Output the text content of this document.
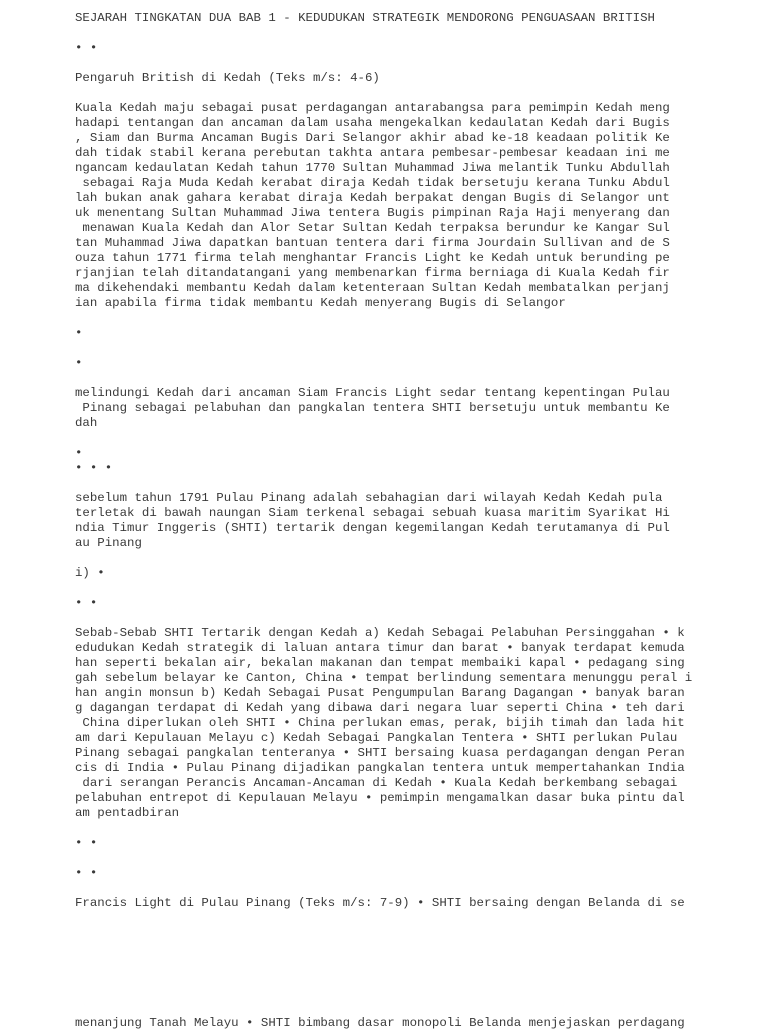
SEJARAH TINGKATAN DUA BAB 1 - KEDUDUKAN STRATEGIK MENDORONG PENGUASAAN BRITISH
• •
Pengaruh British di Kedah (Teks m/s: 4-6)
Kuala Kedah maju sebagai pusat perdagangan antarabangsa para pemimpin Kedah meng
hadapi tentangan dan ancaman dalam usaha mengekalkan kedaulatan Kedah dari Bugis
, Siam dan Burma Ancaman Bugis Dari Selangor akhir abad ke-18 keadaan politik Ke
dah tidak stabil kerana perebutan takhta antara pembesar-pembesar keadaan ini me
ngancam kedaulatan Kedah tahun 1770 Sultan Muhammad Jiwa melantik Tunku Abdullah
sebagai Raja Muda Kedah kerabat diraja Kedah tidak bersetuju kerana Tunku Abdul
lah bukan anak gahara kerabat diraja Kedah berpakat dengan Bugis di Selangor unt
uk menentang Sultan Muhammad Jiwa tentera Bugis pimpinan Raja Haji menyerang dan
menawan Kuala Kedah dan Alor Setar Sultan Kedah terpaksa berundur ke Kangar Sul
tan Muhammad Jiwa dapatkan bantuan tentera dari firma Jourdain Sullivan and de S
ouza tahun 1771 firma telah menghantar Francis Light ke Kedah untuk berunding pe
rjanjian telah ditandatangani yang membenarkan firma berniaga di Kuala Kedah fir
ma dikehendaki membantu Kedah dalam ketenteraan Sultan Kedah membatalkan perjanj
ian apabila firma tidak membantu Kedah menyerang Bugis di Selangor
•
•
melindungi Kedah dari ancaman Siam Francis Light sedar tentang kepentingan Pulau
Pinang sebagai pelabuhan dan pangkalan tentera SHTI bersetuju untuk membantu Ke
dah
•
• • •
sebelum tahun 1791 Pulau Pinang adalah sebahagian dari wilayah Kedah Kedah pula
terletak di bawah naungan Siam terkenal sebagai sebuah kuasa maritim Syarikat Hi
ndia Timur Inggeris (SHTI) tertarik dengan kegemilangan Kedah terutamanya di Pul
au Pinang
i) •
• •
Sebab-Sebab SHTI Tertarik dengan Kedah a) Kedah Sebagai Pelabuhan Persinggahan • k
edudukan Kedah strategik di laluan antara timur dan barat • banyak terdapat kemuda
han seperti bekalan air, bekalan makanan dan tempat membaiki kapal • pedagang sing
gah sebelum belayar ke Canton, China • tempat berlindung sementara menunggu peral i
han angin monsun b) Kedah Sebagai Pusat Pengumpulan Barang Dagangan • banyak baran
g dagangan terdapat di Kedah yang dibawa dari negara luar seperti China • teh dari
China diperlukan oleh SHTI • China perlukan emas, perak, bijih timah dan lada hit
am dari Kepulauan Melayu c) Kedah Sebagai Pangkalan Tentera • SHTI perlukan Pulau
Pinang sebagai pangkalan tenteranya • SHTI bersaing kuasa perdagangan dengan Peran
cis di India • Pulau Pinang dijadikan pangkalan tentera untuk mempertahankan India
dari serangan Perancis Ancaman-Ancaman di Kedah • Kuala Kedah berkembang sebagai
pelabuhan entrepot di Kepulauan Melayu • pemimpin mengamalkan dasar buka pintu dal
am pentadbiran
• •
• •
Francis Light di Pulau Pinang (Teks m/s: 7-9) • SHTI bersaing dengan Belanda di se
menanjung Tanah Melayu • SHTI bimbang dasar monopoli Belanda menjejaskan perdagang
